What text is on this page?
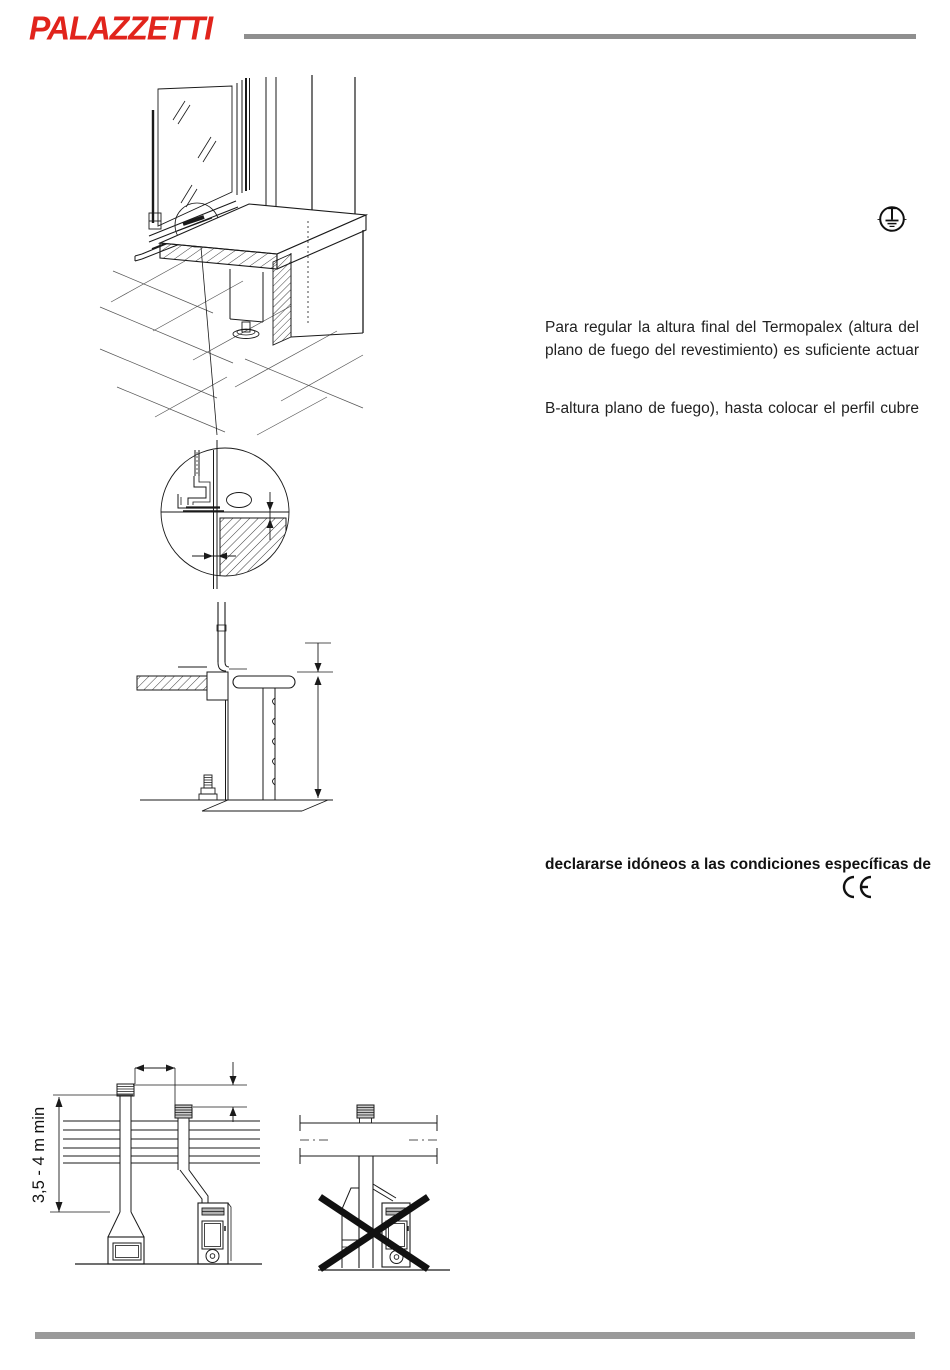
PALAZZETTI
Para regular la altura final del Termopalex (altura del
plano de fuego del revestimiento) es suficiente actuar
B-altura plano de fuego), hasta colocar el perfil cubre
declararse idóneos a las condiciones específicas de
3,5 - 4 m min
